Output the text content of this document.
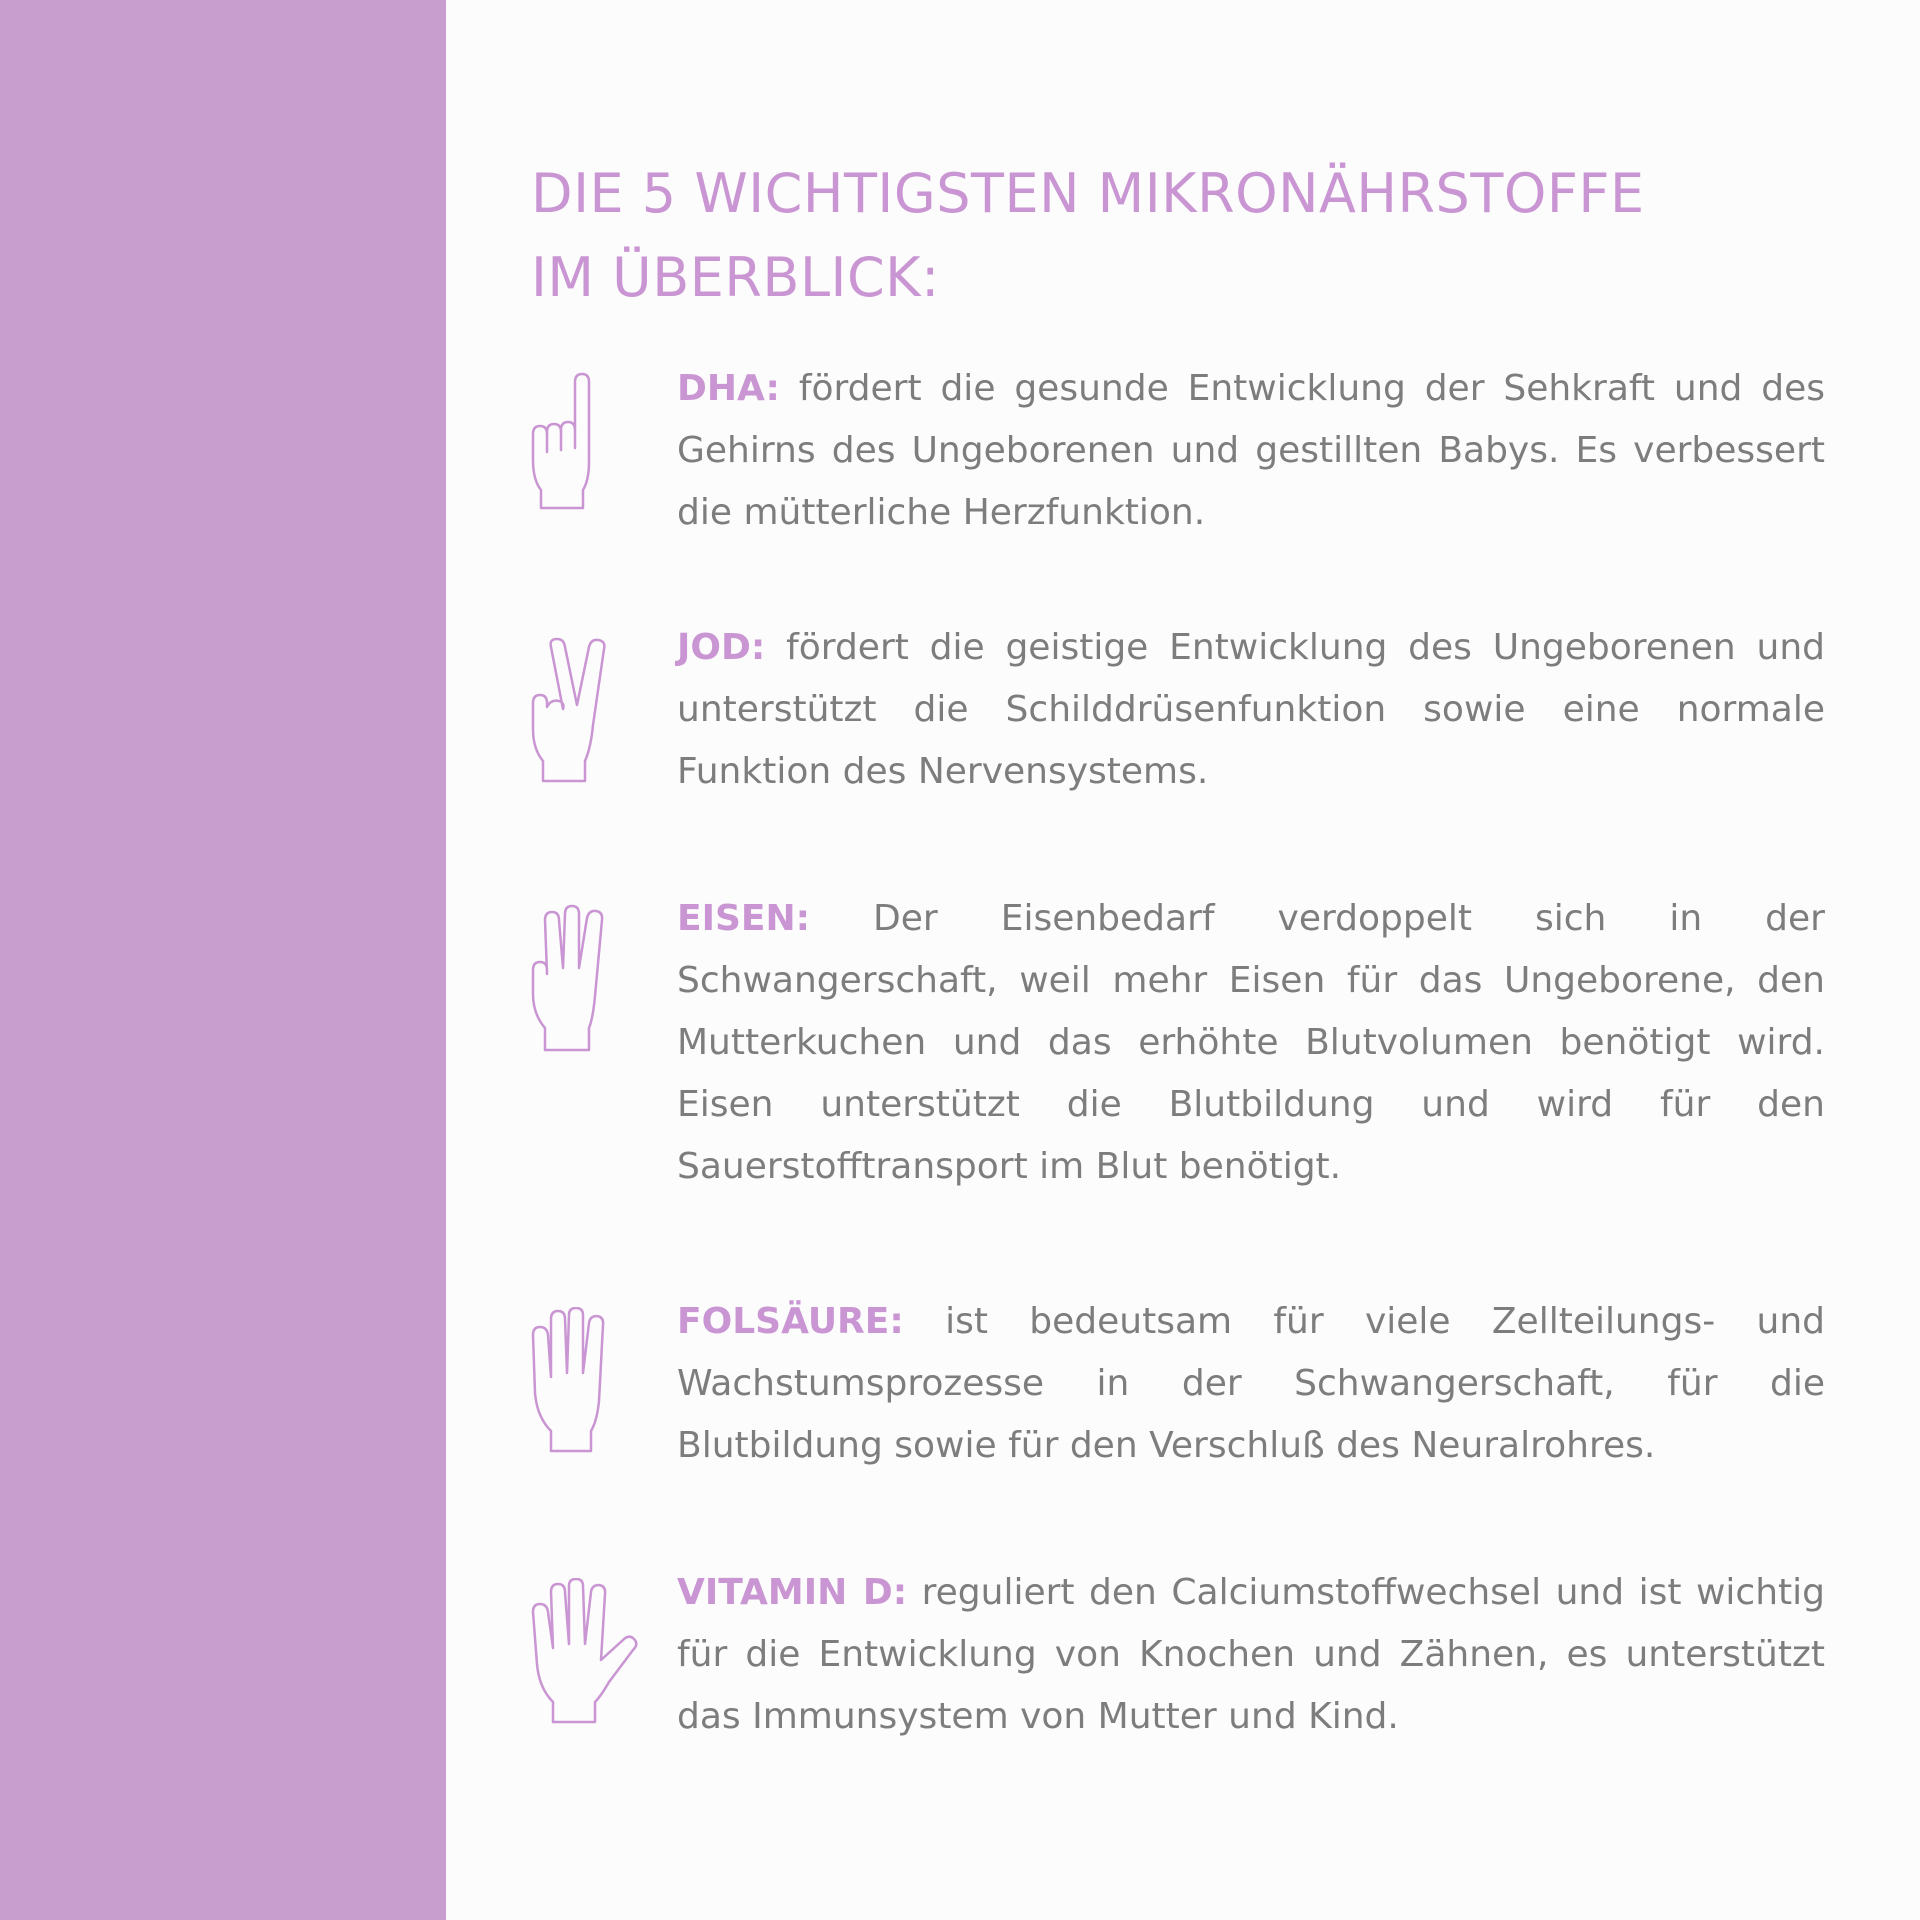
DIE 5 WICHTIGSTEN MIKRONÄHRSTOFFE
IM ÜBERBLICK:

DHA: fördert die gesunde Entwicklung der Sehkraft und des Gehirns des Ungeborenen und gestillten Babys. Es verbessert die mütterliche Herzfunktion.

JOD: fördert die geistige Entwicklung des Ungeborenen und unterstützt die Schilddrüsenfunktion sowie eine normale Funktion des Nervensystems.

EISEN: Der Eisenbedarf verdoppelt sich in der Schwangerschaft, weil mehr Eisen für das Ungeborene, den Mutterkuchen und das erhöhte Blutvolumen benötigt wird. Eisen unterstützt die Blutbildung und wird für den Sauerstofftransport im Blut benötigt.

FOLSÄURE: ist bedeutsam für viele Zellteilungs- und Wachstumsprozesse in der Schwangerschaft, für die Blutbildung sowie für den Verschluß des Neuralrohres.

VITAMIN D: reguliert den Calciumstoffwechsel und ist wichtig für die Entwicklung von Knochen und Zähnen, es unterstützt das Immunsystem von Mutter und Kind.
